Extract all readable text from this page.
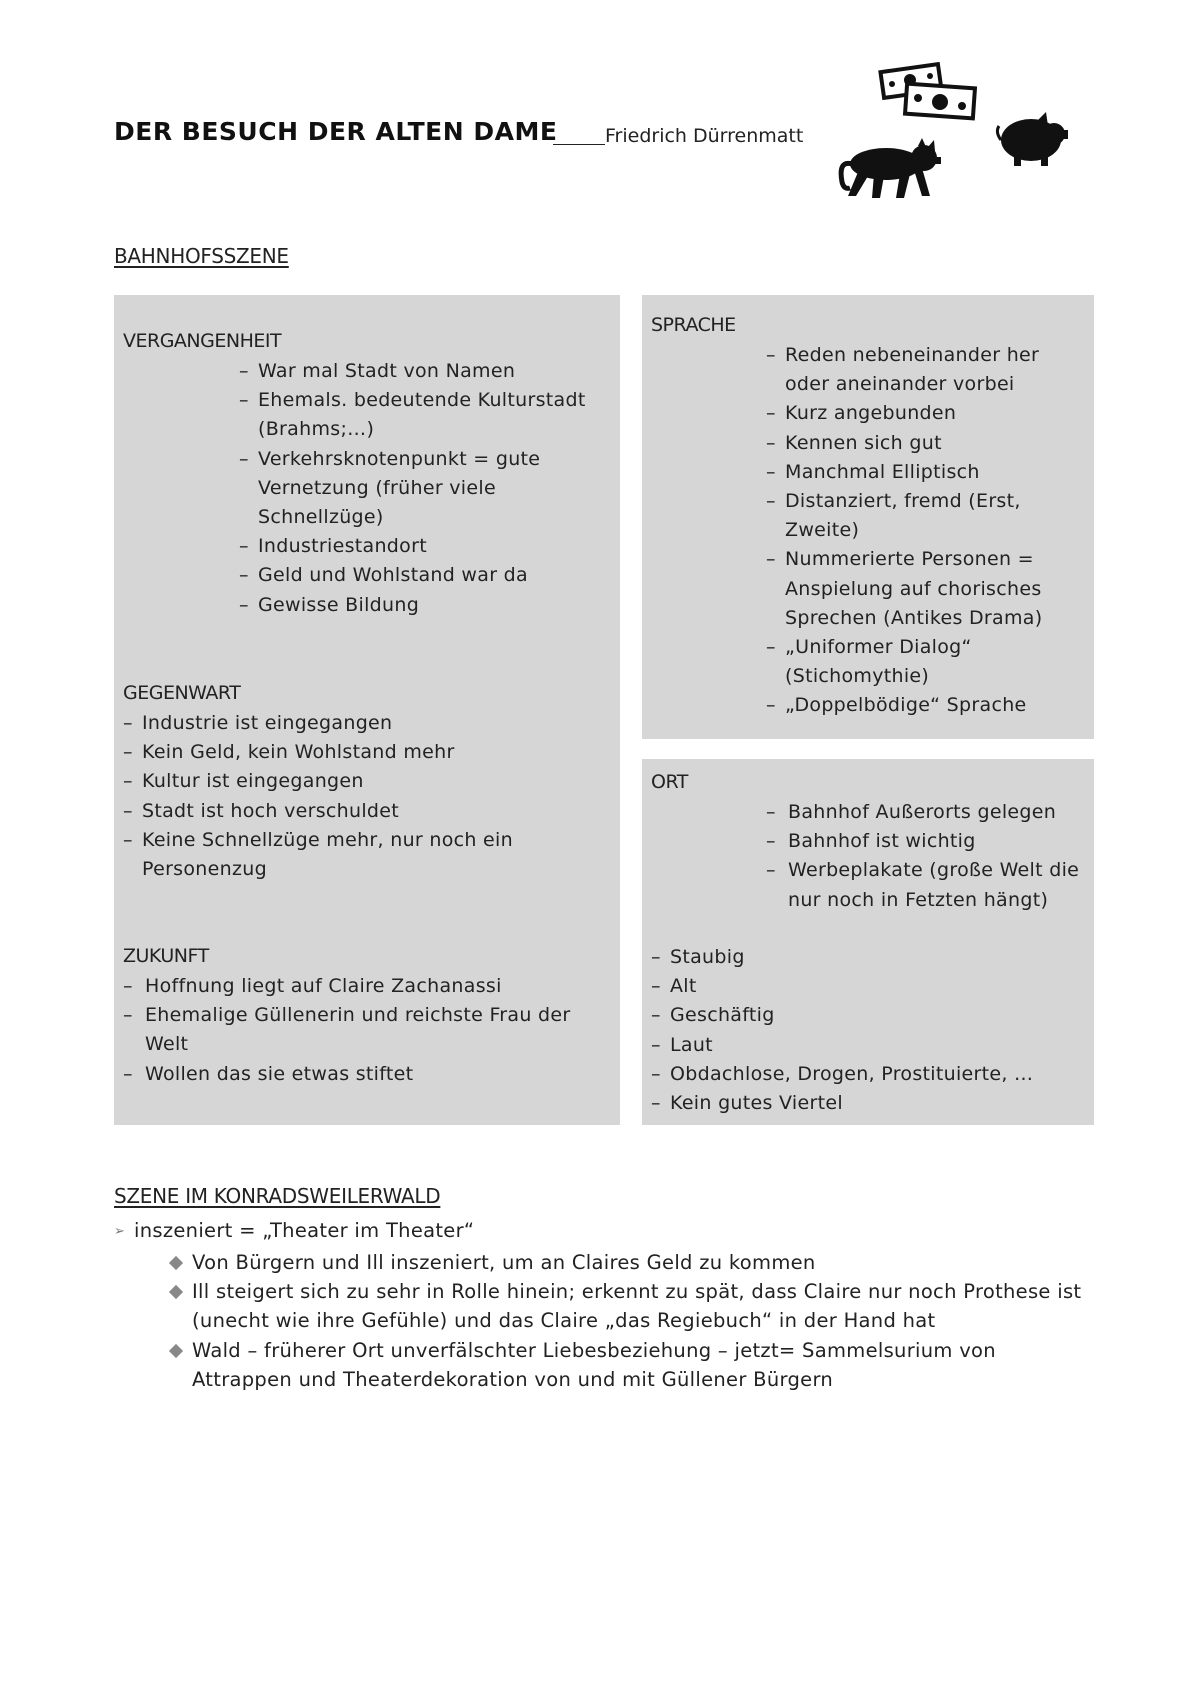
DER BESUCH DER ALTEN DAME	Friedrich Dürrenmatt
BAHNHOFSSZENE
VERGANGENHEIT
– War mal Stadt von Namen
– Ehemals. bedeutende Kulturstadt (Brahms;…)
– Verkehrsknotenpunkt = gute Vernetzung (früher viele Schnellzüge)
– Industriestandort
– Geld und Wohlstand war da
– Gewisse Bildung
GEGENWART
– Industrie ist eingegangen
– Kein Geld, kein Wohlstand mehr
– Kultur ist eingegangen
– Stadt ist hoch verschuldet
– Keine Schnellzüge mehr, nur noch ein Personenzug
ZUKUNFT
– Hoffnung liegt auf Claire Zachanassi
– Ehemalige Güllenerin und reichste Frau der Welt
– Wollen das sie etwas stiftet
SPRACHE
– Reden nebeneinander her oder aneinander vorbei
– Kurz angebunden
– Kennen sich gut
– Manchmal Elliptisch
– Distanziert, fremd (Erst, Zweite)
– Nummerierte Personen = Anspielung auf chorisches Sprechen (Antikes Drama)
– „Uniformer Dialog“ (Stichomythie)
– „Doppelbödige“ Sprache
ORT
– Bahnhof Außerorts gelegen
– Bahnhof ist wichtig
– Werbeplakate (große Welt die nur noch in Fetzten hängt)
– Staubig
– Alt
– Geschäftig
– Laut
– Obdachlose, Drogen, Prostituierte, …
– Kein gutes Viertel
SZENE IM KONRADSWEILERWALD
➢ inszeniert = „Theater im Theater“
Von Bürgern und Ill inszeniert, um an Claires Geld zu kommen
Ill steigert sich zu sehr in Rolle hinein; erkennt zu spät, dass Claire nur noch Prothese ist (unecht wie ihre Gefühle) und das Claire „das Regiebuch“ in der Hand hat
Wald – früherer Ort unverfälschter Liebesbeziehung – jetzt= Sammelsurium von Attrappen und Theaterdekoration von und mit Güllener Bürgern
